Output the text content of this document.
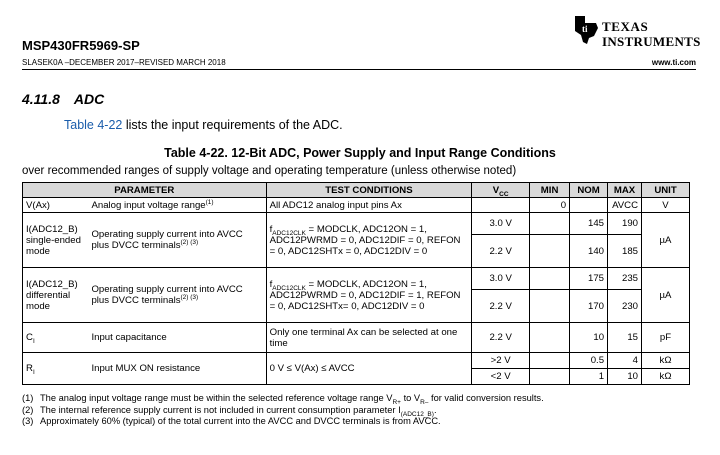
ti TEXAS
INSTRUMENTS
MSP430FR5969-SP
SLASEK0A –DECEMBER 2017–REVISED MARCH 2018	www.ti.com
4.11.8 ADC
Table 4-22 lists the input requirements of the ADC.
Table 4-22. 12-Bit ADC, Power Supply and Input Range Conditions
over recommended ranges of supply voltage and operating temperature (unless otherwise noted)
PARAMETER		TEST CONDITIONS	$V_{CC}$	MIN	NOM	MAX	UNIT
V(Ax)	Analog input voltage range$^{(1)}$	All ADC12 analog input pins Ax		0		AVCC	V
I(ADC12_B) single-ended mode	Operating supply current into AVCC plus DVCC terminals$^{(2) (3)}$	$f_{ADC12CLK}$ = MODCLK, ADC12ON = 1, ADC12PWRMD = 0, ADC12DIF = 0, REFON = 0, ADC12SHTx = 0, ADC12DIV = 0	3.0 V		145	190	µA
			2.2 V		140	185	
I(ADC12_B) differential mode	Operating supply current into AVCC plus DVCC terminals$^{(2) (3)}$	$f_{ADC12CLK}$ = MODCLK, ADC12ON = 1, ADC12PWRMD = 0, ADC12DIF = 1, REFON = 0, ADC12SHTx= 0, ADC12DIV = 0	3.0 V		175	235	µA
			2.2 V		170	230	
$C_I$	Input capacitance	Only one terminal Ax can be selected at one time	2.2 V		10	15	pF
$R_I$	Input MUX ON resistance	0 V ≤ V(Ax) ≤ AVCC	>2 V		0.5	4	kΩ
			<2 V		1	10	kΩ
(1) The analog input voltage range must be within the selected reference voltage range $V_{R+}$ to $V_{R-}$ for valid conversion results.
(2) The internal reference supply current is not included in current consumption parameter $I_{(ADC12\_B)}$.
(3) Approximately 60% (typical) of the total current into the AVCC and DVCC terminals is from AVCC.
